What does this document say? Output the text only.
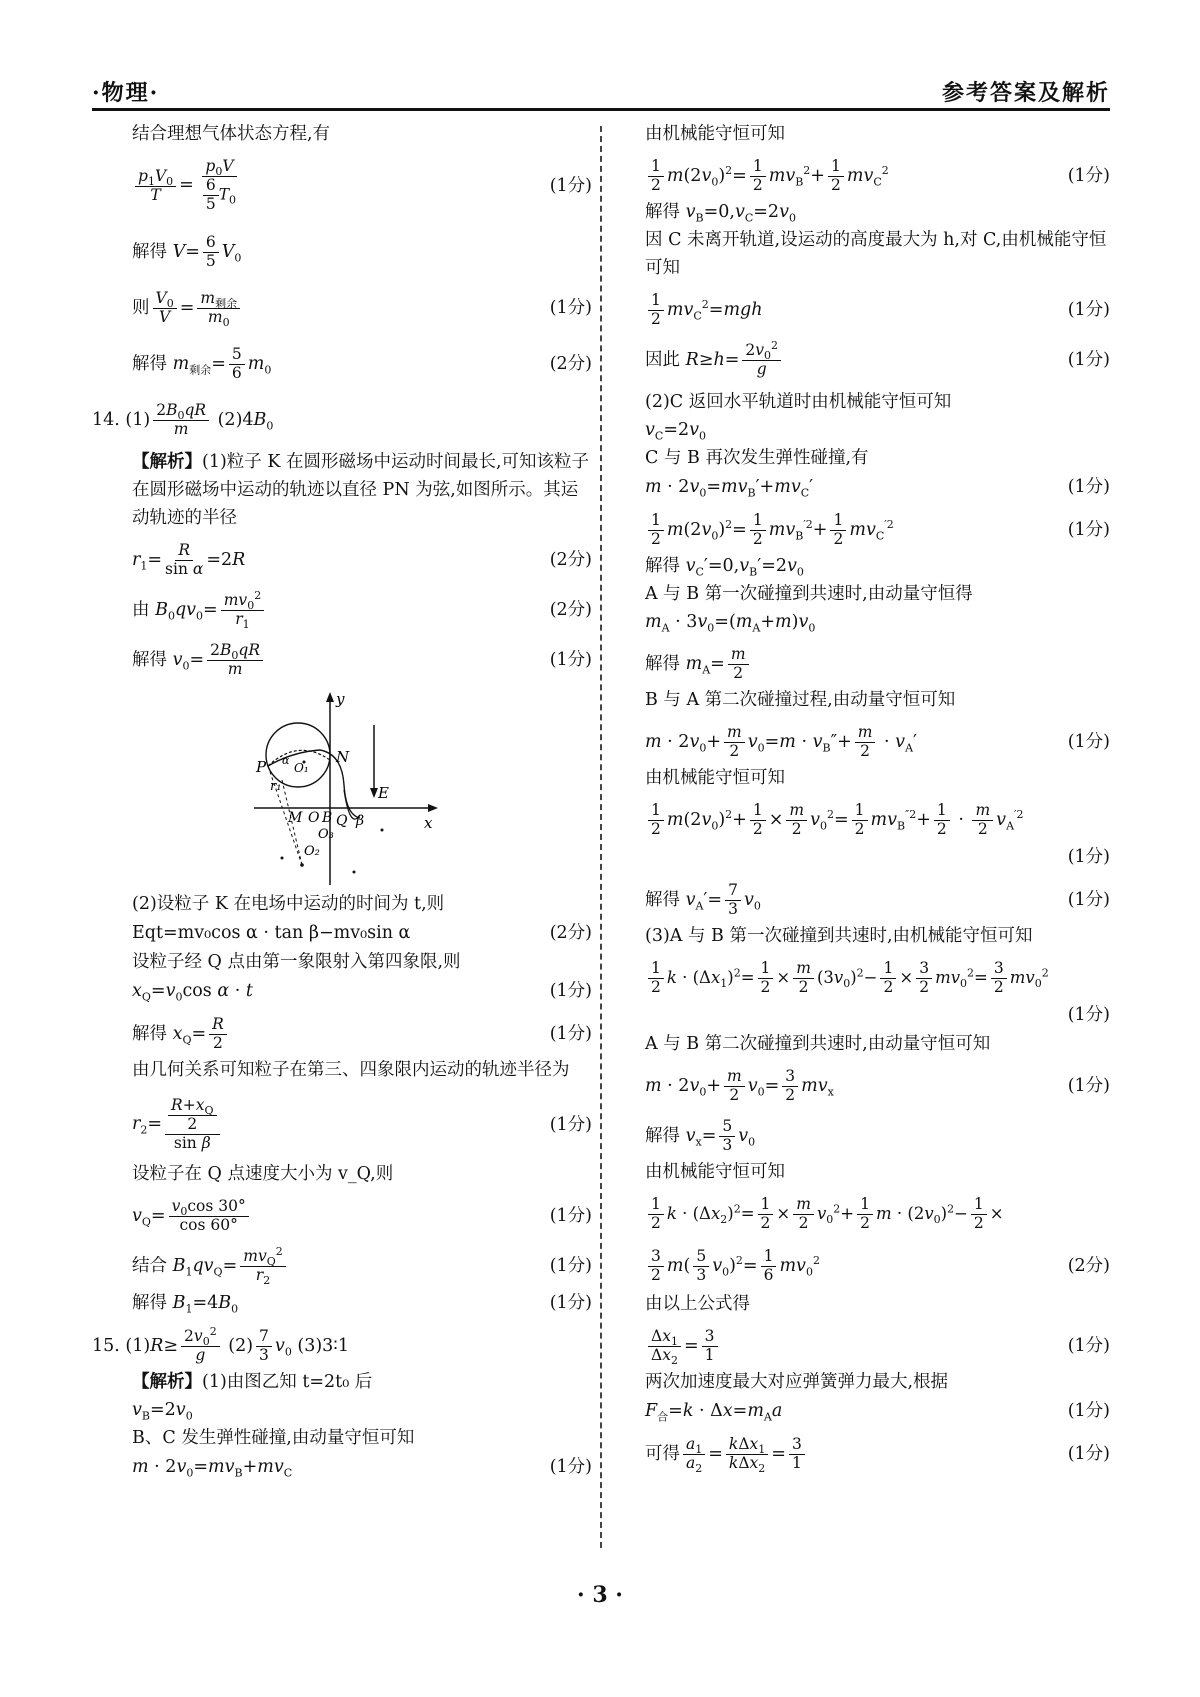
·物理·	参考答案及解析
结合理想气体状态方程,有
$\frac{p_1V_0}{T} = \frac{p_0V}{\frac{6}{5} T_0}$	(1分)
解得 $V= \frac{6}{5} V_0$
则 $\frac{V_0}{V} = \frac{m_{剩余}}{m_0}$	(1分)
解得 $m_{剩余}= \frac{5}{6} m_0$	(2分)
14. $(1) \frac{2B_0qR}{m} (2)4B_0$
【解析】(1)粒子 K 在圆形磁场中运动时间最长,可知该粒子在圆形磁场中运动的轨迹以直径 PN 为弦,如图所示。其运动轨迹的半径
$r_1= \frac{R}{\text{sin α}} =2R$	(2分)
由 $B_0qv_0= \frac{mv_0^2}{r_1}$	(2分)
解得 $v_0= \frac{2B_0qR}{m}$	(1分)
y
x
N
P O₁
r₁	E
M O B Q β
O₃
O₂
α
(2)设粒子 K 在电场中运动的时间为 t,则
Eqt=mv₀cos α · tan β−mv₀sin α	(2分)
设粒子经 Q 点由第一象限射入第四象限,则
$x_Q=v_0\cos$ α · t	(1分)
解得 $x_Q= \frac{R}{2}$	(1分)
由几何关系可知粒子在第三、四象限内运动的轨迹半径为
$r_2= \frac{\frac{R+x_Q}{2}}{\text{sin β}}$	(1分)
设粒子在 Q 点速度大小为 v_Q,则
$v_Q= \frac{v_0\cos 30^\circ}{\cos 60^\circ}$	(1分)
结合 $B_1qv_Q= \frac{mv_Q^2}{r_2}$	(1分)
解得 $B_1=4B_0$	(1分)
15. $(1)R\ge \frac{2v_0^2}{g} (2) \frac{7}{3} v_0$ (3)3∶1
【解析】(1)由图乙知 t=2t₀ 后
$v_B=2v_0$
B、C 发生弹性碰撞,由动量守恒可知
$m \cdot 2v_0=mv_B+mv_C$	(1分)
由机械能守恒可知
$\frac{1}{2} m(2v_0)^2= \frac{1}{2} mv_B^2+ \frac{1}{2} mv_C^2$	(1分)
解得 $v_B=0,v_C=2v_0$
因 C 未离开轨道,设运动的高度最大为 h,对 C,由机械能守恒可知
$\frac{1}{2} mv_C^2=mgh$	(1分)
因此 $R\ge h= \frac{2v_0^2}{g}$	(1分)
(2)C 返回水平轨道时由机械能守恒可知
$v_C=2v_0$
C 与 B 再次发生弹性碰撞,有
$m \cdot 2v_0=mv_B'+mv_C'$	(1分)
$\frac{1}{2} m(2v_0)^2= \frac{1}{2} mv_B^{'2}+ \frac{1}{2} mv_C^{'2}$	(1分)
解得 $v_C'=0,v_B'=2v_0$
A 与 B 第一次碰撞到共速时,由动量守恒得
$m_A \cdot 3v_0=(m_A+m)v_0$
解得 $m_A= \frac{m}{2}$
B 与 A 第二次碰撞过程,由动量守恒可知
$m \cdot 2v_0+ \frac{m}{2} v_0=m \cdot v_B''+ \frac{m}{2} \cdot v_A'$	(1分)
由机械能守恒可知
$\frac{1}{2} m(2v_0)^2+ \frac{1}{2} \times \frac{m}{2} v_0^2= \frac{1}{2} mv_B^{''2}+ \frac{1}{2} \cdot \frac{m}{2} v_A^{'2}$
(1分)
解得 $v_A'= \frac{7}{3} v_0$	(1分)
(3)A 与 B 第一次碰撞到共速时,由机械能守恒可知
$\frac{1}{2}$ $k \cdot (\Delta x_1)^2= \frac{1}{2} \times \frac{m}{2} (3v_0)^2- \frac{1}{2} \times \frac{3}{2} mv_0^2= \frac{3}{2} mv_0^2$
(1分)
A 与 B 第二次碰撞到共速时,由动量守恒可知
$m \cdot 2v_0+ \frac{m}{2} v_0= \frac{3}{2} mv_x$	(1分)
解得 $v_x= \frac{5}{3} v_0$
由机械能守恒可知
$\frac{1}{2}$ $k \cdot (\Delta x_2)^2= \frac{1}{2} \times \frac{m}{2} v_0^2+ \frac{1}{2}$ $m \cdot (2v_0)^2- \frac{1}{2}$ ×
$\frac{3}{2} m( \frac{5}{3} v_0)^2= \frac{1}{6} mv_0^2$	(2分)
由以上公式得
$\frac{\Delta x_1}{\Delta x_2} = \frac{3}{1}$	(1分)
两次加速度最大对应弹簧弹力最大,根据
$F_合=k \cdot \Delta x=m_Aa$	(1分)
可得 $\frac{a_1}{a_2} = \frac{k\Delta x_1}{k\Delta x_2} = \frac{3}{1}$	(1分)
· 3 ·
